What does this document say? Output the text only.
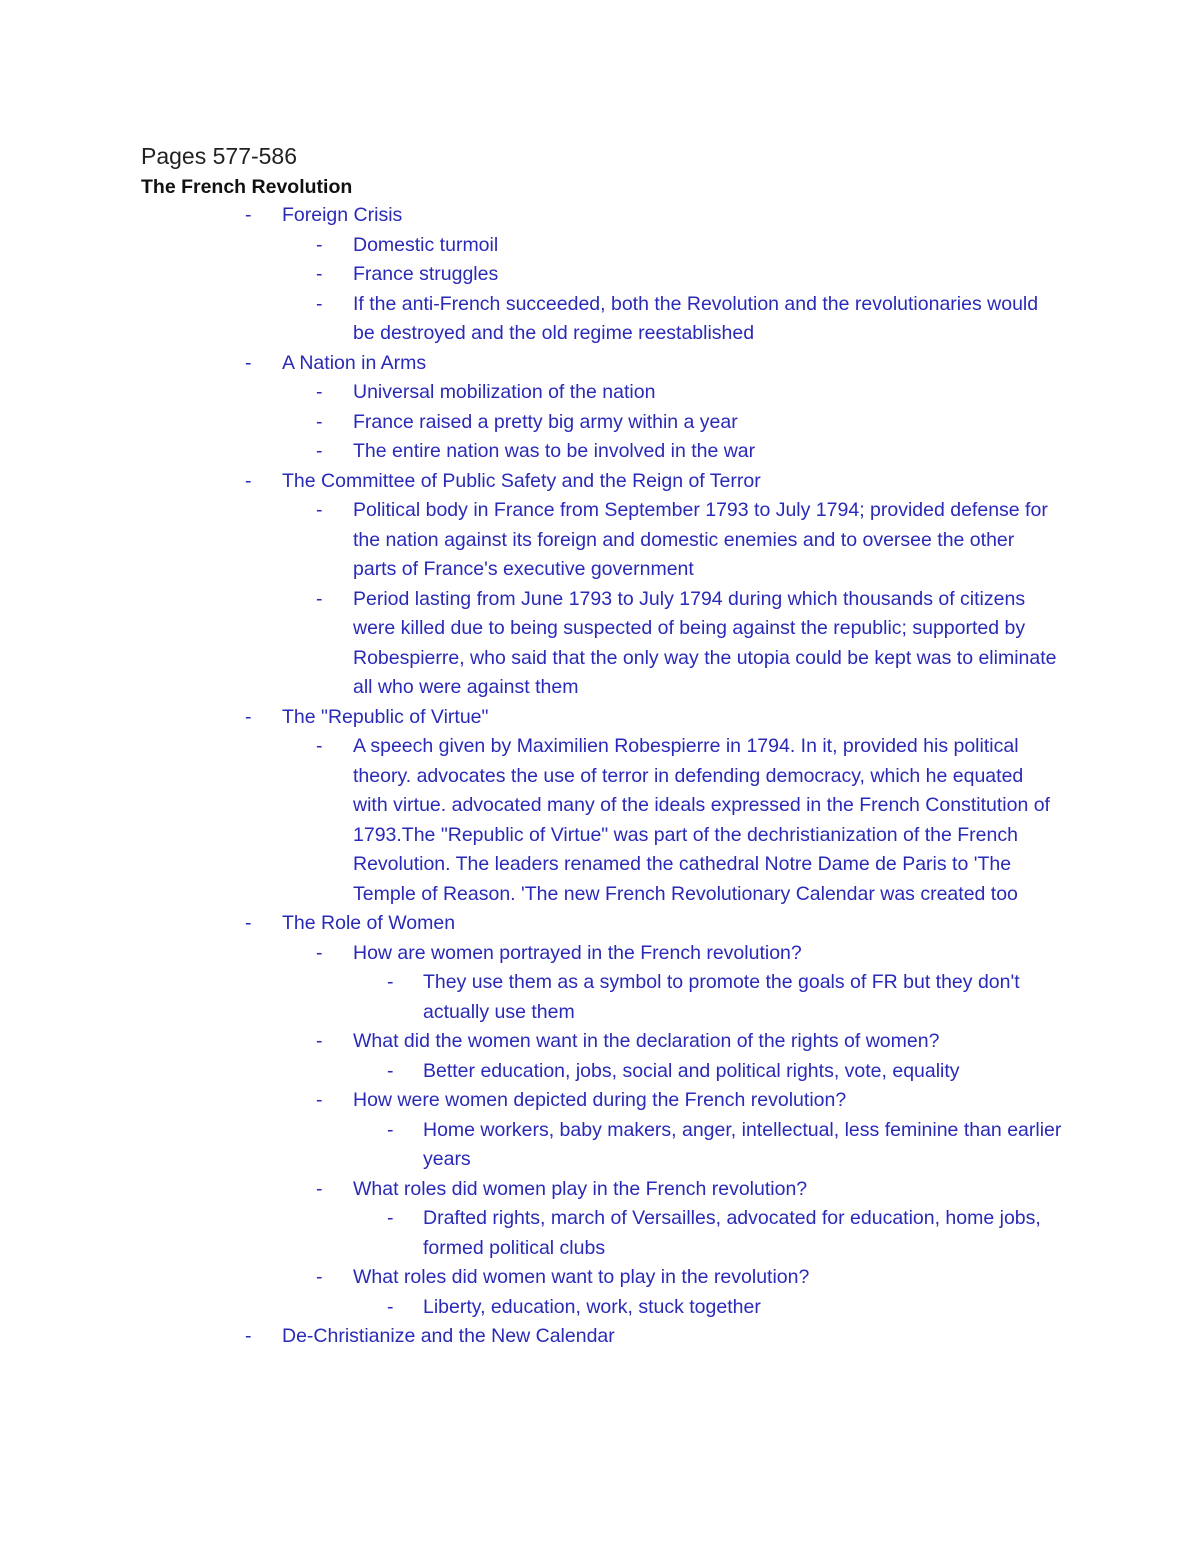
Pages 577-586

The French Revolution

- Foreign Crisis
- Domestic turmoil
- France struggles
- If the anti-French succeeded, both the Revolution and the revolutionaries would be destroyed and the old regime reestablished
- A Nation in Arms
- Universal mobilization of the nation
- France raised a pretty big army within a year
- The entire nation was to be involved in the war
- The Committee of Public Safety and the Reign of Terror
- Political body in France from September 1793 to July 1794; provided defense for the nation against its foreign and domestic enemies and to oversee the other parts of France's executive government
- Period lasting from June 1793 to July 1794 during which thousands of citizens were killed due to being suspected of being against the republic; supported by Robespierre, who said that the only way the utopia could be kept was to eliminate all who were against them
- The "Republic of Virtue"
- A speech given by Maximilien Robespierre in 1794. In it, provided his political theory. advocates the use of terror in defending democracy, which he equated with virtue. advocated many of the ideals expressed in the French Constitution of 1793.The "Republic of Virtue" was part of the dechristianization of the French Revolution. The leaders renamed the cathedral Notre Dame de Paris to 'The Temple of Reason. 'The new French Revolutionary Calendar was created too
- The Role of Women
- How are women portrayed in the French revolution?
- They use them as a symbol to promote the goals of FR but they don't actually use them
- What did the women want in the declaration of the rights of women?
- Better education, jobs, social and political rights, vote, equality
- How were women depicted during the French revolution?
- Home workers, baby makers, anger, intellectual, less feminine than earlier years
- What roles did women play in the French revolution?
- Drafted rights, march of Versailles, advocated for education, home jobs, formed political clubs
- What roles did women want to play in the revolution?
- Liberty, education, work, stuck together
- De-Christianize and the New Calendar
